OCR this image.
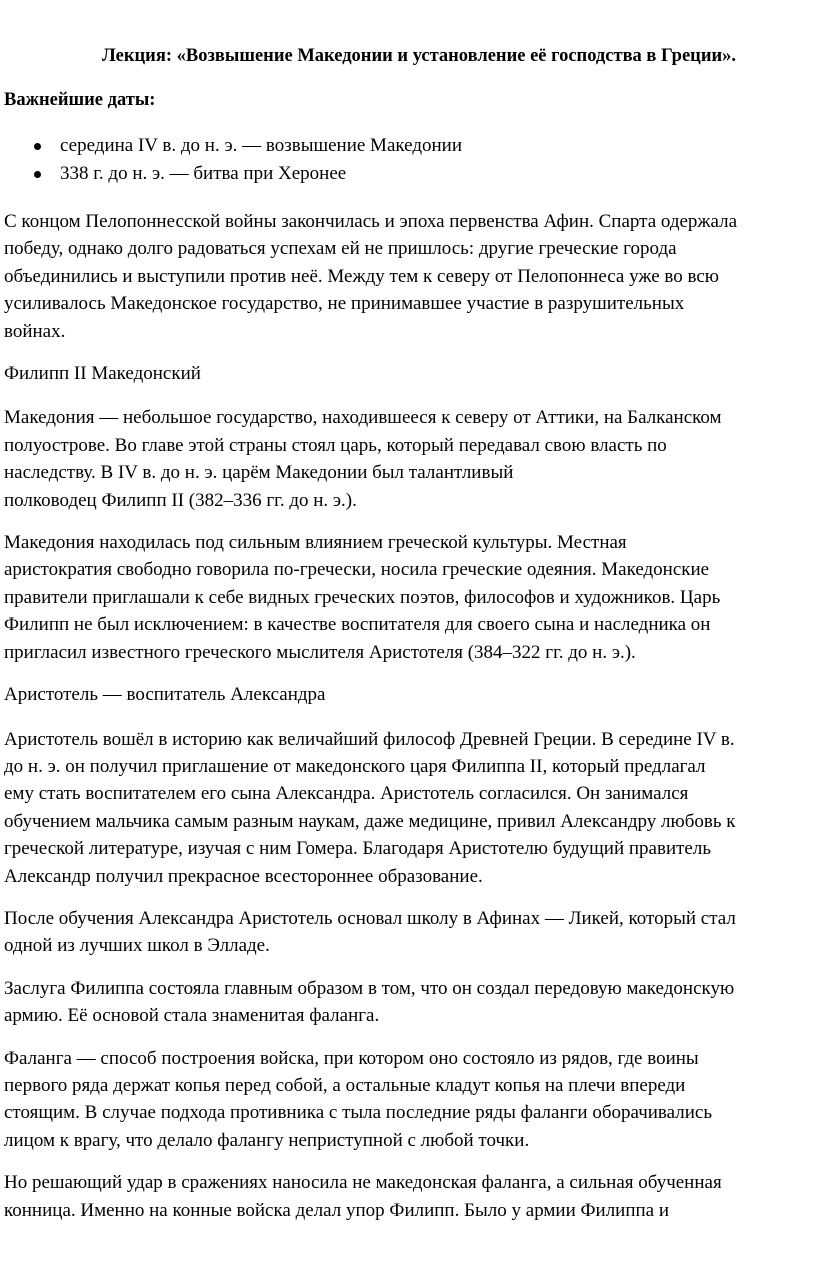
Лекция: «Возвышение Македонии и установление её господства в Греции».
Важнейшие даты:
середина IV в. до н. э. — возвышение Македонии
338 г. до н. э. — битва при Херонее

С концом Пелопоннесской войны закончилась и эпоха первенства Афин. Спарта одержала
победу, однако долго радоваться успехам ей не пришлось: другие греческие города
объединились и выступили против неё. Между тем к северу от Пелопоннеса уже во всю
усиливалось Македонское государство, не принимавшее участие в разрушительных
войнах.

Филипп II Македонский

Македония — небольшое государство, находившееся к северу от Аттики, на Балканском
полуострове. Во главе этой страны стоял царь, который передавал свою власть по
наследству. В IV в. до н. э. царём Македонии был талантливый
полководец Филипп II (382–336 гг. до н. э.).

Македония находилась под сильным влиянием греческой культуры. Местная
аристократия свободно говорила по-гречески, носила греческие одеяния. Македонские
правители приглашали к себе видных греческих поэтов, философов и художников. Царь
Филипп не был исключением: в качестве воспитателя для своего сына и наследника он
пригласил известного греческого мыслителя Аристотеля (384–322 гг. до н. э.).

Аристотель — воспитатель Александра

Аристотель вошёл в историю как величайший философ Древней Греции. В середине IV в.
до н. э. он получил приглашение от македонского царя Филиппа II, который предлагал
ему стать воспитателем его сына Александра. Аристотель согласился. Он занимался
обучением мальчика самым разным наукам, даже медицине, привил Александру любовь к
греческой литературе, изучая с ним Гомера. Благодаря Аристотелю будущий правитель
Александр получил прекрасное всестороннее образование.

После обучения Александра Аристотель основал школу в Афинах — Ликей, который стал
одной из лучших школ в Элладе.

Заслуга Филиппа состояла главным образом в том, что он создал передовую македонскую
армию. Её основой стала знаменитая фаланга.

Фаланга — способ построения войска, при котором оно состояло из рядов, где воины
первого ряда держат копья перед собой, а остальные кладут копья на плечи впереди
стоящим. В случае подхода противника с тыла последние ряды фаланги оборачивались
лицом к врагу, что делало фалангу неприступной с любой точки.

Но решающий удар в сражениях наносила не македонская фаланга, а сильная обученная
конница. Именно на конные войска делал упор Филипп. Было у армии Филиппа и
